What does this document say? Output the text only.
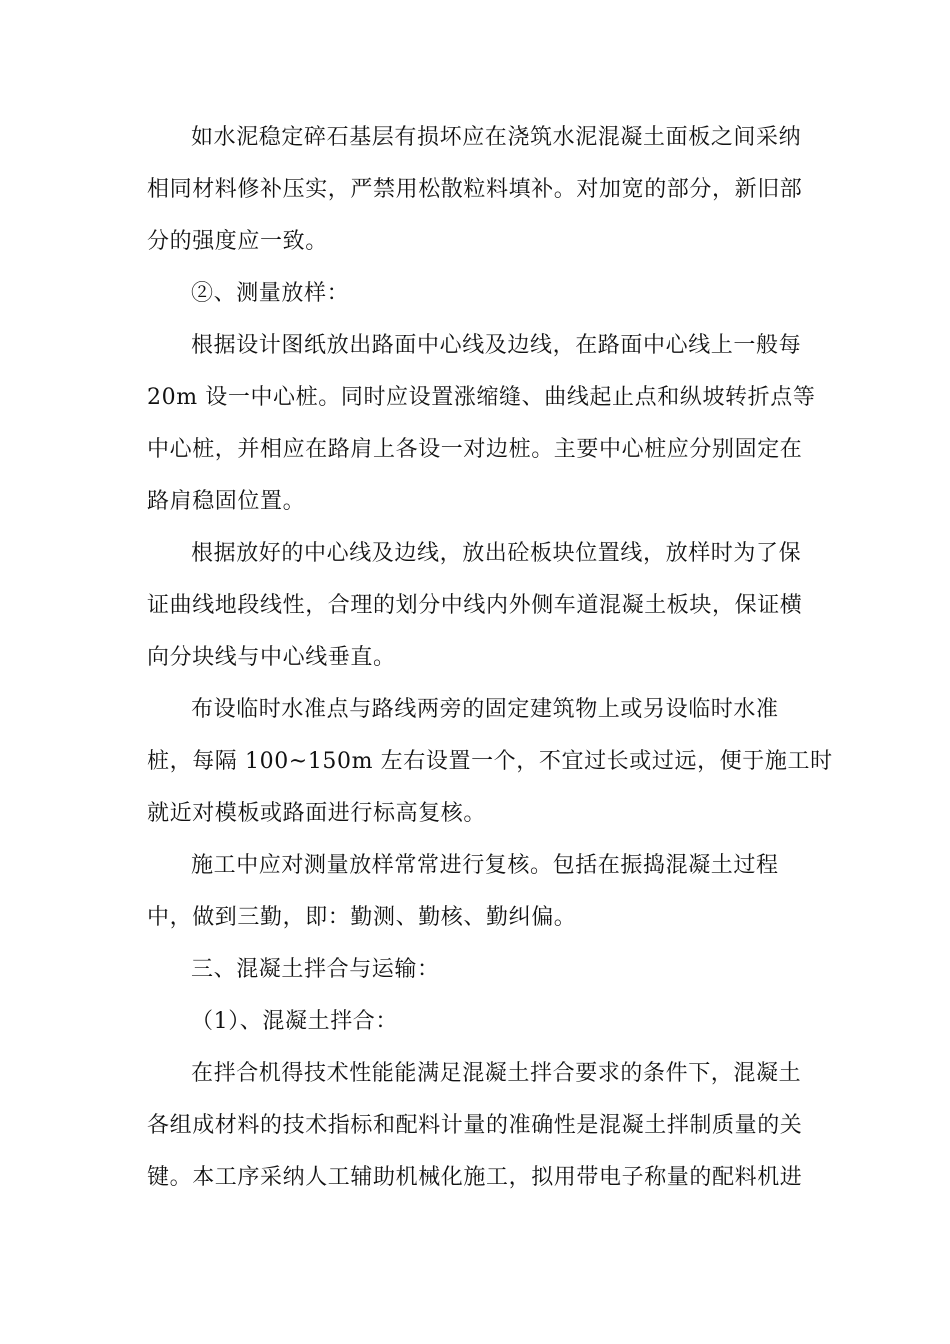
如水泥稳定碎石基层有损坏应在浇筑水泥混凝土面板之间采纳
相同材料修补压实，严禁用松散粒料填补。对加宽的部分，新旧部
分的强度应一致。

②、测量放样：

根据设计图纸放出路面中心线及边线，在路面中心线上一般每
20m 设一中心桩。同时应设置涨缩缝、曲线起止点和纵坡转折点等
中心桩，并相应在路肩上各设一对边桩。主要中心桩应分别固定在
路肩稳固位置。

根据放好的中心线及边线，放出砼板块位置线，放样时为了保
证曲线地段线性，合理的划分中线内外侧车道混凝土板块，保证横
向分块线与中心线垂直。

布设临时水准点与路线两旁的固定建筑物上或另设临时水准
桩，每隔 100~150m 左右设置一个，不宜过长或过远，便于施工时
就近对模板或路面进行标高复核。

施工中应对测量放样常常进行复核。包括在振捣混凝土过程
中，做到三勤，即：勤测、勤核、勤纠偏。

三、混凝土拌合与运输：

（1）、混凝土拌合：

在拌合机得技术性能能满足混凝土拌合要求的条件下，混凝土
各组成材料的技术指标和配料计量的准确性是混凝土拌制质量的关
键。本工序采纳人工辅助机械化施工，拟用带电子称量的配料机进
